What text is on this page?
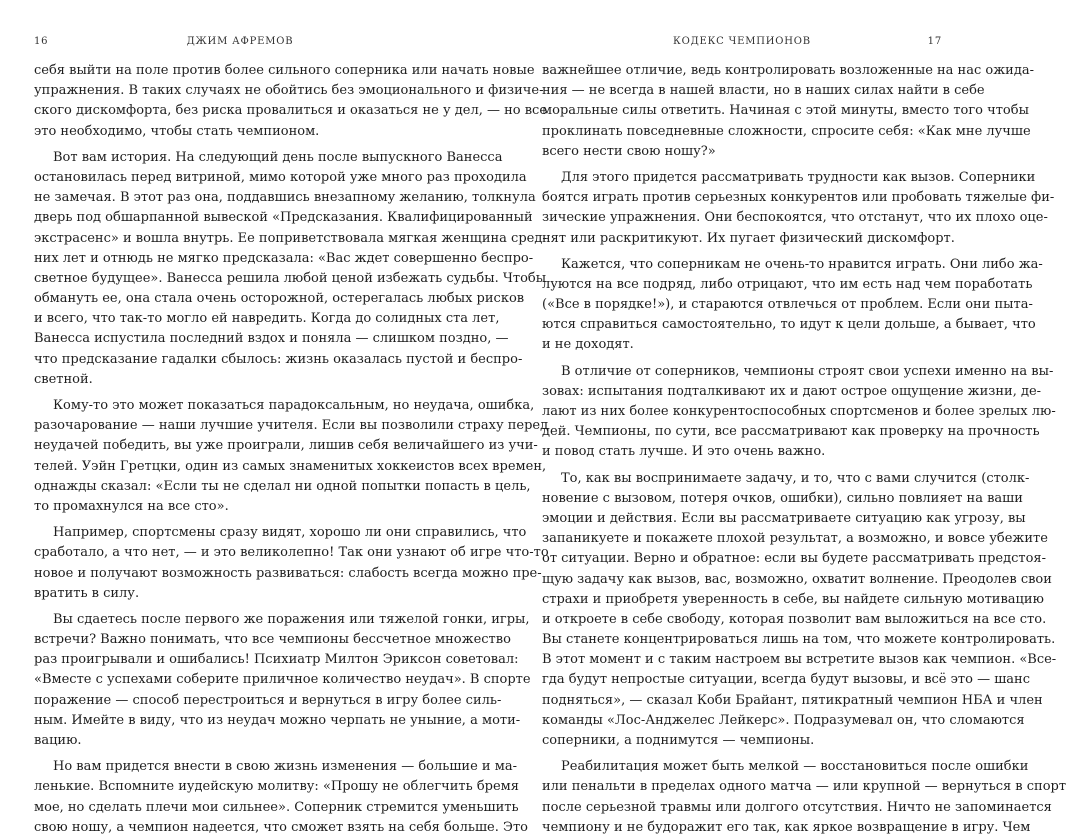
16	ДЖИМ АФРЕМОВ
себя выйти на поле против более сильного соперника или начать новые
упражнения. В таких случаях не обойтись без эмоционального и физиче-
ского дискомфорта, без риска провалиться и оказаться не у дел, — но все
это необходимо, чтобы стать чемпионом.
Вот вам история. На следующий день после выпускного Ванесса
остановилась перед витриной, мимо которой уже много раз проходила
не замечая. В этот раз она, поддавшись внезапному желанию, толкнула
дверь под обшарпанной вывеской «Предсказания. Квалифицированный
экстрасенс» и вошла внутрь. Ее поприветствовала мягкая женщина сред-
них лет и отнюдь не мягко предсказала: «Вас ждет совершенно беспро-
светное будущее». Ванесса решила любой ценой избежать судьбы. Чтобы
обмануть ее, она стала очень осторожной, остерегалась любых рисков
и всего, что так-то могло ей навредить. Когда до солидных ста лет,
Ванесса испустила последний вздох и поняла — слишком поздно, —
что предсказание гадалки сбылось: жизнь оказалась пустой и беспро-
светной.
Кому-то это может показаться парадоксальным, но неудача, ошибка,
разочарование — наши лучшие учителя. Если вы позволили страху перед
неудачей победить, вы уже проиграли, лишив себя величайшего из учи-
телей. Уэйн Гретцки, один из самых знаменитых хоккеистов всех времен,
однажды сказал: «Если ты не сделал ни одной попытки попасть в цель,
то промахнулся на все сто».
Например, спортсмены сразу видят, хорошо ли они справились, что
сработало, а что нет, — и это великолепно! Так они узнают об игре что-то
новое и получают возможность развиваться: слабость всегда можно пре-
вратить в силу.
Вы сдаетесь после первого же поражения или тяжелой гонки, игры,
встречи? Важно понимать, что все чемпионы бессчетное множество
раз проигрывали и ошибались! Психиатр Милтон Эриксон советовал:
«Вместе с успехами соберите приличное количество неудач». В спорте
поражение — способ перестроиться и вернуться в игру более силь-
ным. Имейте в виду, что из неудач можно черпать не уныние, а моти-
вацию.
Но вам придется внести в свою жизнь изменения — большие и ма-
ленькие. Вспомните иудейскую молитву: «Прошу не облегчить бремя
мое, но сделать плечи мои сильнее». Соперник стремится уменьшить
свою ношу, а чемпион надеется, что сможет взять на себя больше. Это
КОДЕКС ЧЕМПИОНОВ	17
важнейшее отличие, ведь контролировать возложенные на нас ожида-
ния — не всегда в нашей власти, но в наших силах найти в себе
моральные силы ответить. Начиная с этой минуты, вместо того чтобы
проклинать повседневные сложности, спросите себя: «Как мне лучше
всего нести свою ношу?»
Для этого придется рассматривать трудности как вызов. Соперники
боятся играть против серьезных конкурентов или пробовать тяжелые фи-
зические упражнения. Они беспокоятся, что отстанут, что их плохо оце-
нят или раскритикуют. Их пугает физический дискомфорт.
Кажется, что соперникам не очень-то нравится играть. Они либо жа-
луются на все подряд, либо отрицают, что им есть над чем поработать
(«Все в порядке!»), и стараются отвлечься от проблем. Если они пыта-
ются справиться самостоятельно, то идут к цели дольше, а бывает, что
и не доходят.
В отличие от соперников, чемпионы строят свои успехи именно на вы-
зовах: испытания подталкивают их и дают острое ощущение жизни, де-
лают из них более конкурентоспособных спортсменов и более зрелых лю-
дей. Чемпионы, по сути, все рассматривают как проверку на прочность
и повод стать лучше. И это очень важно.
То, как вы воспринимаете задачу, и то, что с вами случится (столк-
новение с вызовом, потеря очков, ошибки), сильно повлияет на ваши
эмоции и действия. Если вы рассматриваете ситуацию как угрозу, вы
запаникуете и покажете плохой результат, а возможно, и вовсе убежите
от ситуации. Верно и обратное: если вы будете рассматривать предстоя-
щую задачу как вызов, вас, возможно, охватит волнение. Преодолев свои
страхи и приобретя уверенность в себе, вы найдете сильную мотивацию
и откроете в себе свободу, которая позволит вам выложиться на все сто.
Вы станете концентрироваться лишь на том, что можете контролировать.
В этот момент и с таким настроем вы встретите вызов как чемпион. «Все-
гда будут непростые ситуации, всегда будут вызовы, и всё это — шанс
подняться», — сказал Коби Брайант, пятикратный чемпион НБА и член
команды «Лос-Анджелес Лейкерс». Подразумевал он, что сломаются
соперники, а поднимутся — чемпионы.
Реабилитация может быть мелкой — восстановиться после ошибки
или пенальти в пределах одного матча — или крупной — вернуться в спорт
после серьезной травмы или долгого отсутствия. Ничто не запоминается
чемпиону и не будоражит его так, как яркое возвращение в игру. Чем
